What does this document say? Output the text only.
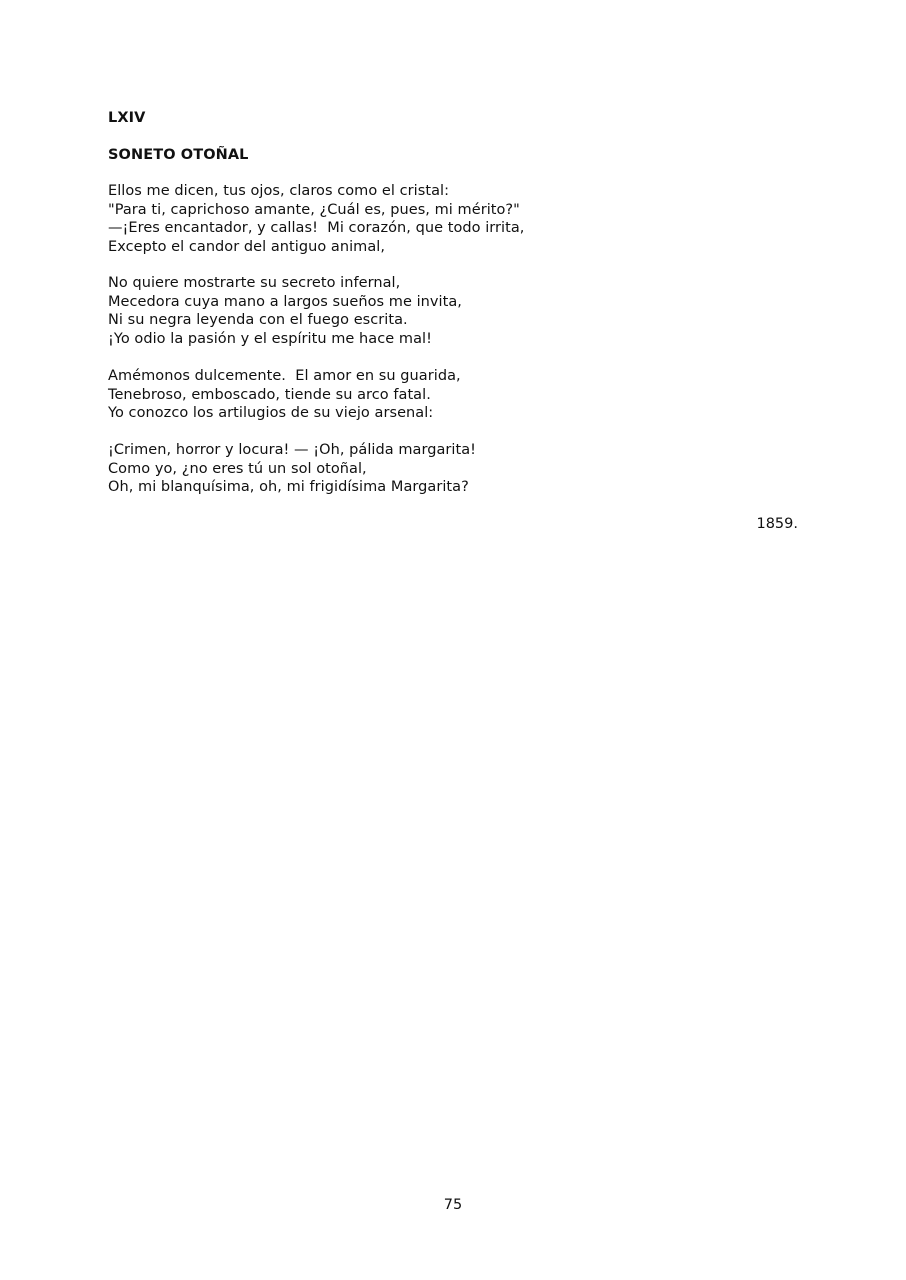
LXIV
SONETO OTOÑAL
Ellos me dicen, tus ojos, claros como el cristal:
"Para ti, caprichoso amante, ¿Cuál es, pues, mi mérito?"
—¡Eres encantador, y callas!  Mi corazón, que todo irrita,
Excepto el candor del antiguo animal,
No quiere mostrarte su secreto infernal,
Mecedora cuya mano a largos sueños me invita,
Ni su negra leyenda con el fuego escrita.
¡Yo odio la pasión y el espíritu me hace mal!
Amémonos dulcemente.  El amor en su guarida,
Tenebroso, emboscado, tiende su arco fatal.
Yo conozco los artilugios de su viejo arsenal:
¡Crimen, horror y locura! — ¡Oh, pálida margarita!
Como yo, ¿no eres tú un sol otoñal,
Oh, mi blanquísima, oh, mi frigidísima Margarita?
1859.
75
